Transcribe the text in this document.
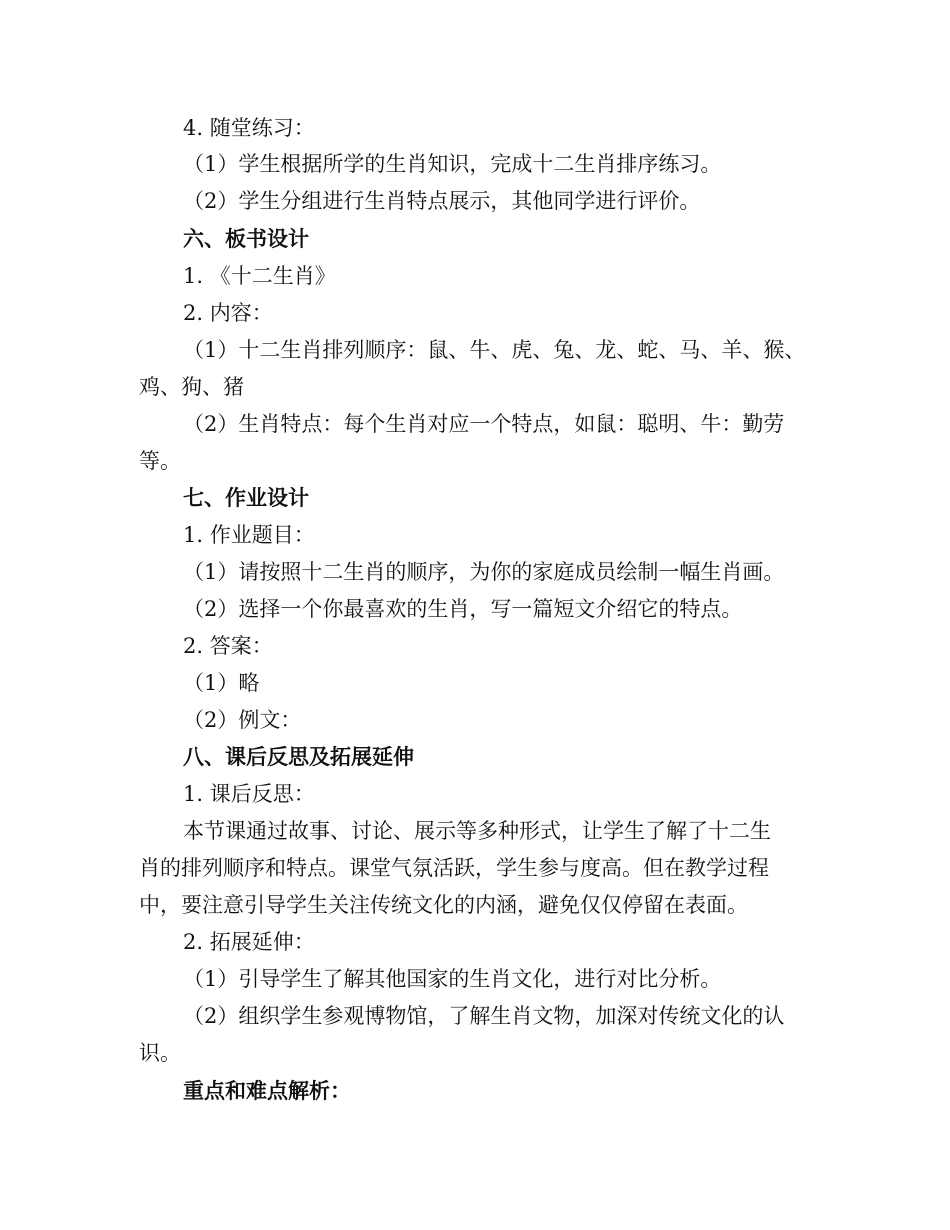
4. 随堂练习：
（1）学生根据所学的生肖知识，完成十二生肖排序练习。
（2）学生分组进行生肖特点展示，其他同学进行评价。
六、板书设计
1. 《十二生肖》
2. 内容：
（1）十二生肖排列顺序：鼠、牛、虎、兔、龙、蛇、马、羊、猴、
鸡、狗、猪
（2）生肖特点：每个生肖对应一个特点，如鼠：聪明、牛：勤劳
等。
七、作业设计
1. 作业题目：
（1）请按照十二生肖的顺序，为你的家庭成员绘制一幅生肖画。
（2）选择一个你最喜欢的生肖，写一篇短文介绍它的特点。
2. 答案：
（1）略
（2）例文：
八、课后反思及拓展延伸
1. 课后反思：
本节课通过故事、讨论、展示等多种形式，让学生了解了十二生
肖的排列顺序和特点。课堂气氛活跃，学生参与度高。但在教学过程
中，要注意引导学生关注传统文化的内涵，避免仅仅停留在表面。
2. 拓展延伸：
（1）引导学生了解其他国家的生肖文化，进行对比分析。
（2）组织学生参观博物馆，了解生肖文物，加深对传统文化的认
识。
重点和难点解析：
